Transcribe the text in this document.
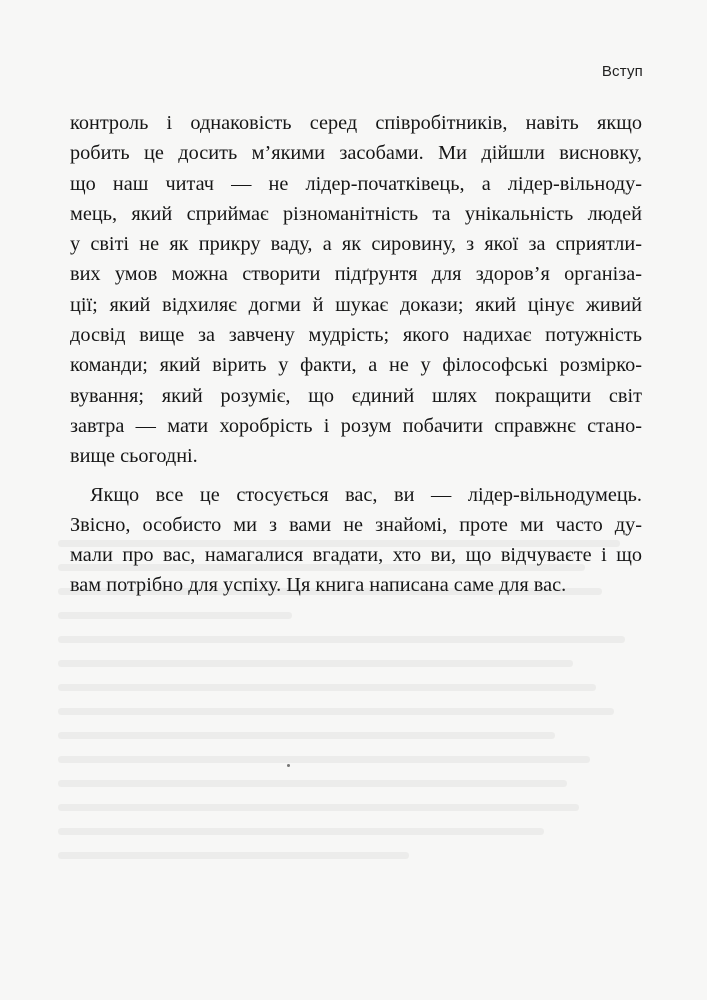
Вступ

контроль і однаковість серед співробітників, навіть якщо
робить це досить м’якими засобами. Ми дійшли висновку,
що наш читач — не лідер-початківець, а лідер-вільноду-
мець, який сприймає різноманітність та унікальність людей
у світі не як прикру ваду, а як сировину, з якої за сприятли-
вих умов можна створити підґрунтя для здоров’я організа-
ції; який відхиляє догми й шукає докази; який цінує живий
досвід вище за завчену мудрість; якого надихає потужність
команди; який вірить у факти, а не у філософські розмірко-
вування; який розуміє, що єдиний шлях покращити світ
завтра — мати хоробрість і розум побачити справжнє стано-
вище сьогодні.

Якщо все це стосується вас, ви — лідер-вільнодумець.
Звісно, особисто ми з вами не знайомі, проте ми часто ду-
мали про вас, намагалися вгадати, хто ви, що відчуваєте і що
вам потрібно для успіху. Ця книга написана саме для вас.
